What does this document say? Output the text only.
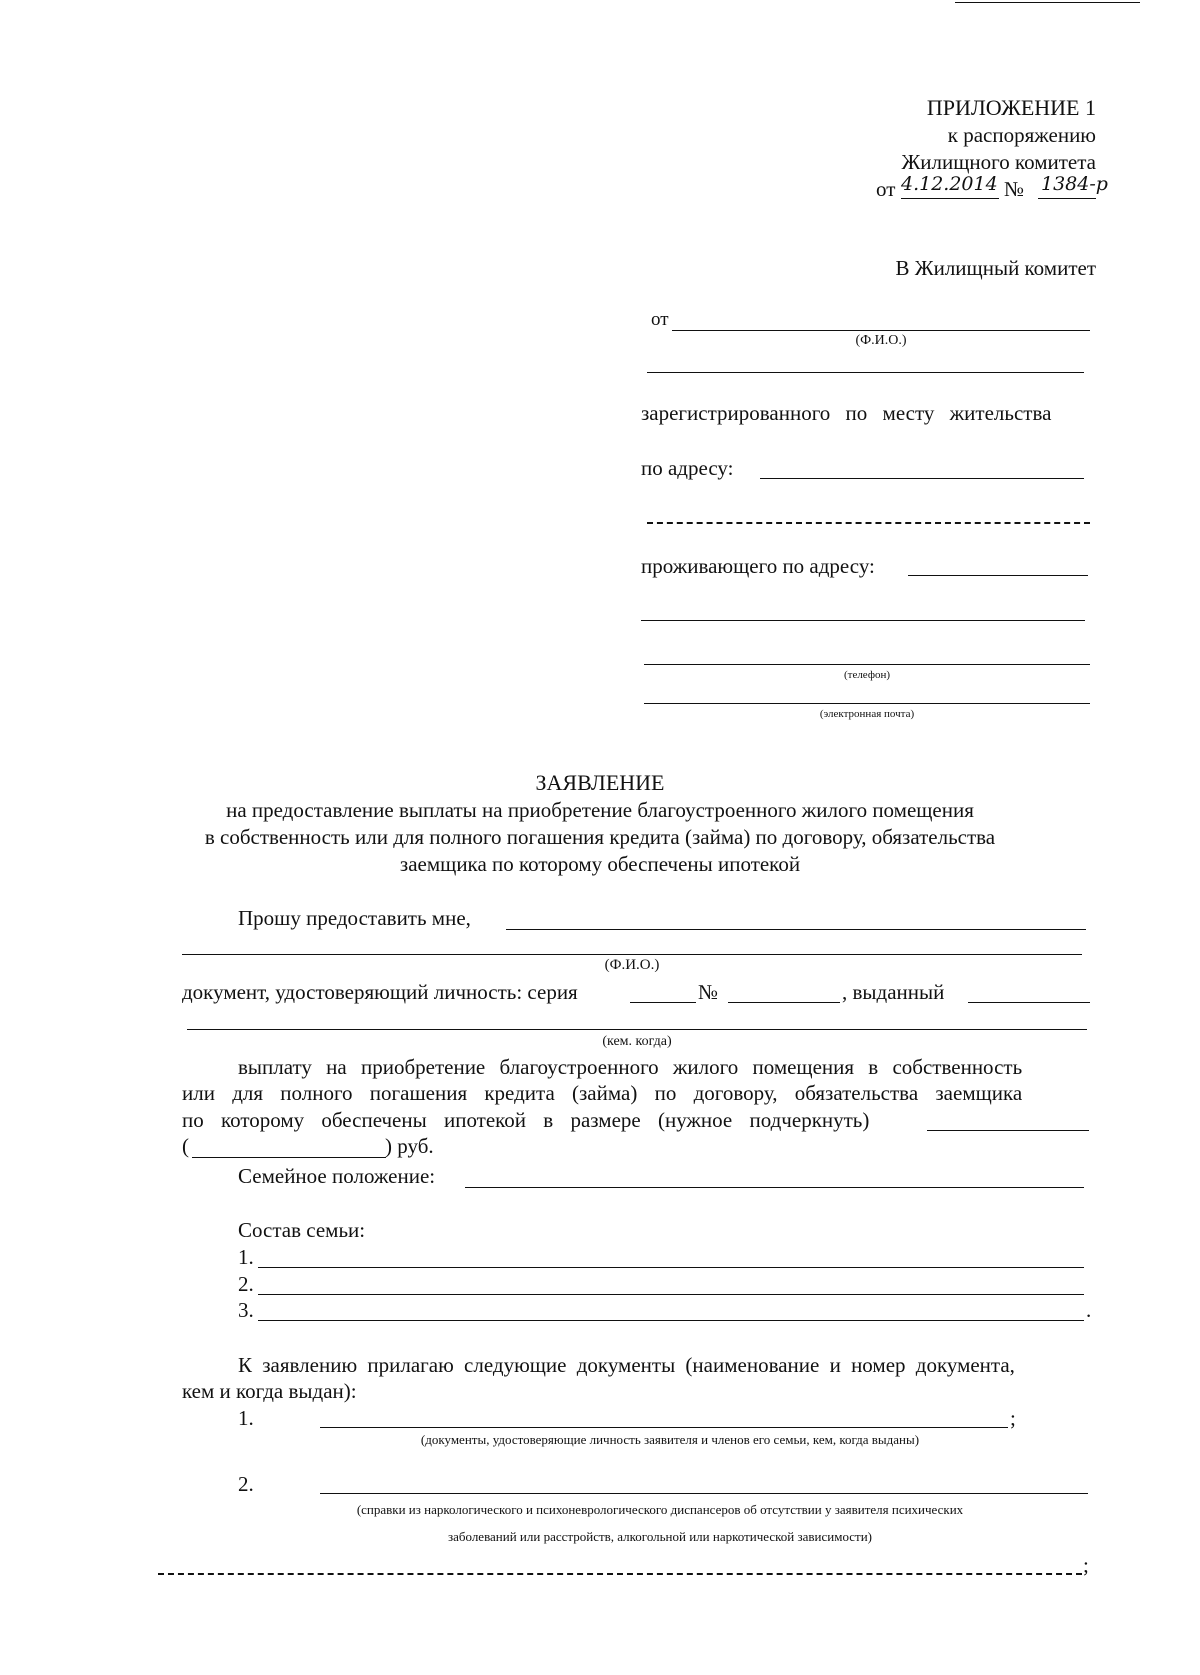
ПРИЛОЖЕНИЕ 1
к распоряжению
Жилищного комитета
от 4.12.2014 № 1384-р
В Жилищный комитет
от
(Ф.И.О.)
зарегистрированного по месту жительства
по адресу:
проживающего по адресу:
(телефон)
(электронная почта)
ЗАЯВЛЕНИЕ
на предоставление выплаты на приобретение благоустроенного жилого помещения
в собственность или для полного погашения кредита (займа) по договору, обязательства
заемщика по которому обеспечены ипотекой
Прошу предоставить мне,
(Ф.И.О.)
документ, удостоверяющий личность: серия	№	, выданный
(кем. когда)
выплату на приобретение благоустроенного жилого помещения в собственность
или для полного погашения кредита (займа) по договору, обязательства заемщика
по которому обеспечены ипотекой в размере (нужное подчеркнуть)
(	) руб.
Семейное положение:
Состав семьи:
1.
2.
3.	.
К заявлению прилагаю следующие документы (наименование и номер документа,
кем и когда выдан):
1.	;
(документы, удостоверяющие личность заявителя и членов его семьи, кем, когда выданы)
2.
(справки из наркологического и психоневрологического диспансеров об отсутствии у заявителя психических
заболеваний или расстройств, алкогольной или наркотической зависимости)
;
